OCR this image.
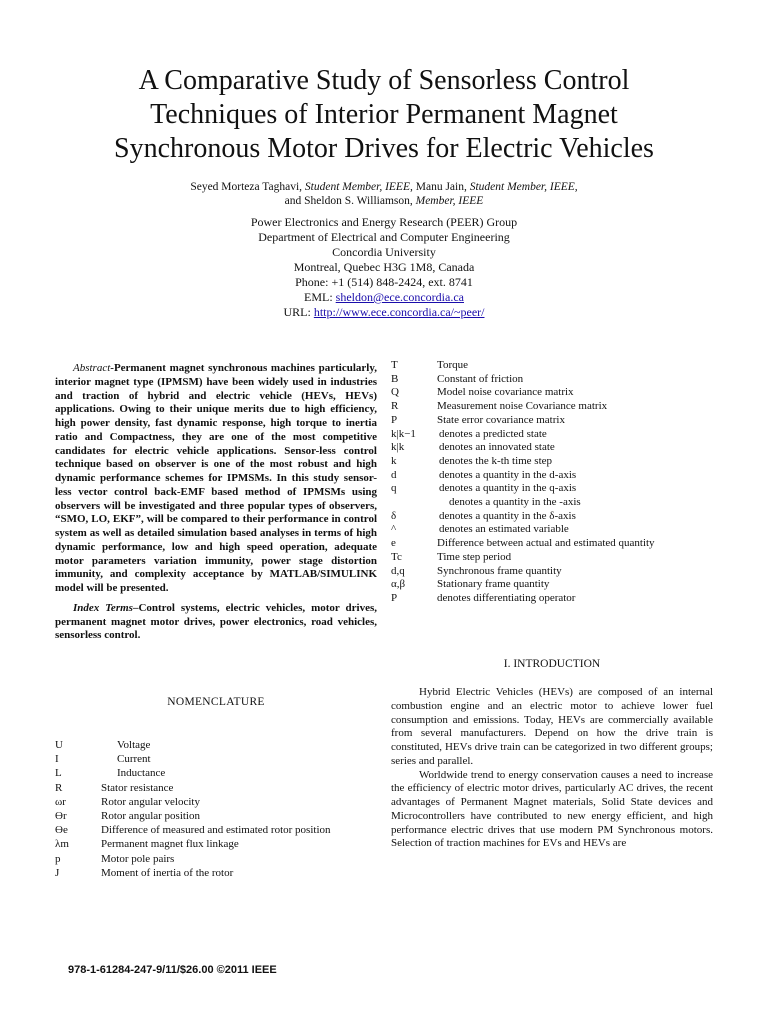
A Comparative Study of Sensorless Control
Techniques of Interior Permanent Magnet
Synchronous Motor Drives for Electric Vehicles
Seyed Morteza Taghavi, Student Member, IEEE, Manu Jain, Student Member, IEEE,
and Sheldon S. Williamson, Member, IEEE
Power Electronics and Energy Research (PEER) Group
Department of Electrical and Computer Engineering
Concordia University
Montreal, Quebec H3G 1M8, Canada
Phone: +1 (514) 848-2424, ext. 8741
EML: sheldon@ece.concordia.ca
URL: http://www.ece.concordia.ca/~peer/
Abstract-Permanent magnet synchronous machines particularly, interior magnet type (IPMSM) have been widely used in industries and traction of hybrid and electric vehicle (HEVs, HEVs) applications. Owing to their unique merits due to high efficiency, high power density, fast dynamic response, high torque to inertia ratio and Compactness, they are one of the most competitive candidates for electric vehicle applications. Sensor-less control technique based on observer is one of the most robust and high dynamic performance schemes for IPMSMs. In this study sensor-less vector control back-EMF based method of IPMSMs using observers will be investigated and three popular types of observers, “SMO, LO, EKF”, will be compared to their performance in control system as well as detailed simulation based analyses in terms of high dynamic performance, low and high speed operation, adequate motor parameters variation immunity, power stage distortion immunity, and complexity acceptance by MATLAB/SIMULINK model will be presented.
Index Terms–Control systems, electric vehicles, motor drives, permanent magnet motor drives, power electronics, road vehicles, sensorless control.
NOMENCLATURE
U	Voltage
I	Current
L	Inductance
R	Stator resistance
ωr	Rotor angular velocity
ϴr	Rotor angular position
ϴe	Difference of measured and estimated rotor position
λm	Permanent magnet flux linkage
p	Motor pole pairs
J	Moment of inertia of the rotor
T	Torque
B	Constant of friction
Q	Model noise covariance matrix
R	Measurement noise Covariance matrix
P	State error covariance matrix
k|k−1	denotes a predicted state
k|k	denotes an innovated state
k	denotes the k-th time step
d	denotes a quantity in the d-axis
q	denotes a quantity in the q-axis
denotes a quantity in the -axis
δ	denotes a quantity in the δ-axis
^	denotes an estimated variable
e	Difference between actual and estimated quantity
Tc	Time step period
d,q	Synchronous frame quantity
α,β	Stationary frame quantity
P	denotes differentiating operator
I. INTRODUCTION

Hybrid Electric Vehicles (HEVs) are composed of an internal combustion engine and an electric motor to achieve lower fuel consumption and emissions. Today, HEVs are commercially available from several manufacturers. Depend on how the drive train is constituted, HEVs drive train can be categorized in two different groups; series and parallel.

Worldwide trend to energy conservation causes a need to increase the efficiency of electric motor drives, particularly AC drives, the recent advantages of Permanent Magnet materials, Solid State devices and Microcontrollers have contributed to new energy efficient, and high performance electric drives that use modern PM Synchronous motors. Selection of traction machines for EVs and HEVs are

978-1-61284-247-9/11/$26.00 ©2011 IEEE
